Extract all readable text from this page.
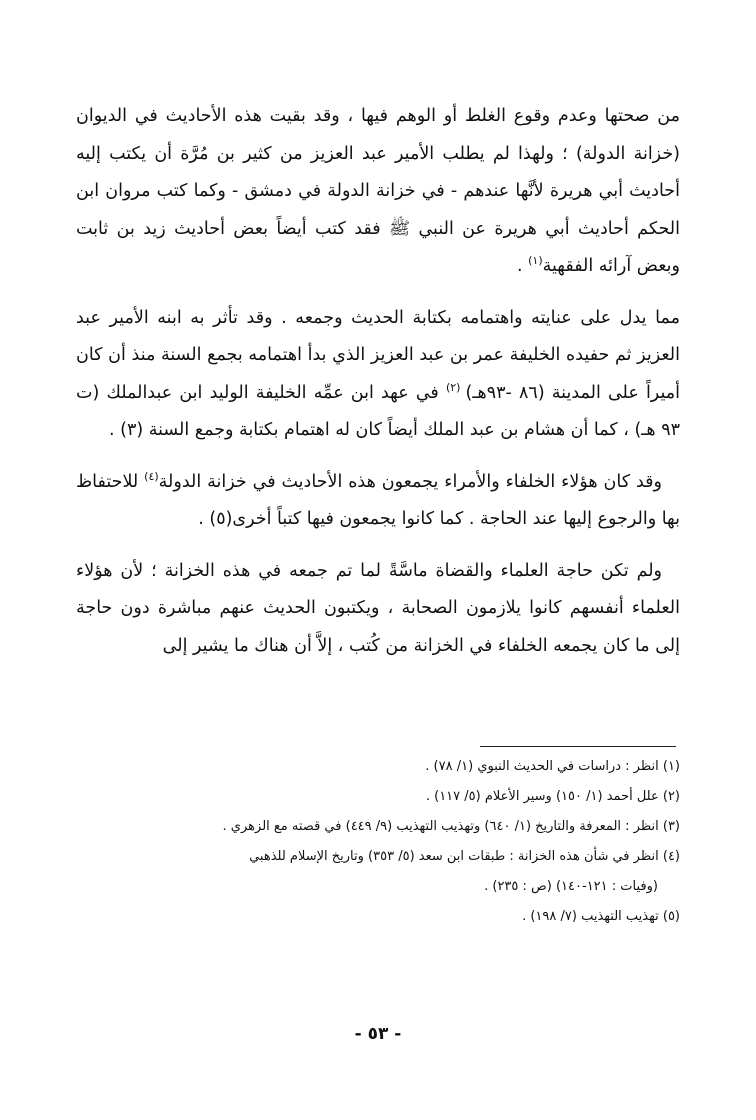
من صحتها وعدم وقوع الغلط أو الوهم فيها ، وقد بقيت هذه الأحاديث في الديوان (خزانة الدولة) ؛ ولهذا لم يطلب الأمير عبد العزيز من كثير بن مُرَّة أن يكتب إليه أحاديث أبي هريرة لأنَّها عندهم - في خزانة الدولة في دمشق - وكما كتب مروان ابن الحكم أحاديث أبي هريرة عن النبي ﷺ فقد كتب أيضاً بعض أحاديث زيد بن ثابت وبعض آرائه الفقهية$^{(١)}$ .

مما يدل على عنايته واهتمامه بكتابة الحديث وجمعه . وقد تأثر به ابنه الأمير عبد العزيز ثم حفيده الخليفة عمر بن عبد العزيز الذي بدأ اهتمامه بجمع السنة منذ أن كان أميراً على المدينة (٨٦ -٩٣هـ) $^{(٢)}$ في عهد ابن عمِّه الخليفة الوليد ابن عبدالملك (ت ٩٣ هـ) ، كما أن هشام بن عبد الملك أيضاً كان له اهتمام بكتابة وجمع السنة (٣) .

وقد كان هؤلاء الخلفاء والأمراء يجمعون هذه الأحاديث في خزانة الدولة$^{(٤)}$ للاحتفاظ بها والرجوع إليها عند الحاجة . كما كانوا يجمعون فيها كتباً أخرى(٥) .

ولم تكن حاجة العلماء والقضاة ماسَّةً لما تم جمعه في هذه الخزانة ؛ لأن هؤلاء العلماء أنفسهم كانوا يلازمون الصحابة ، ويكتبون الحديث عنهم مباشرة دون حاجة إلى ما كان يجمعه الخلفاء في الخزانة من كُتب ، إلاَّ أن هناك ما يشير إلى

(١) انظر : دراسات في الحديث النبوي (١/ ٧٨) .

(٢) علل أحمد (١/ ١٥٠) وسير الأعلام (٥/ ١١٧) .

(٣) انظر : المعرفة والتاريخ (١/ ٦٤٠) وتهذيب التهذيب (٩/ ٤٤٩) في قصته مع الزهري .

(٤) انظر في شأن هذه الخزانة : طبقات ابن سعد (٥/ ٣٥٣) وتاريخ الإسلام للذهبي

(وفيات : ١٢١-١٤٠) (ص : ٢٣٥) .

(٥) تهذيب التهذيب (٧/ ١٩٨) .

- ٥٣ -
